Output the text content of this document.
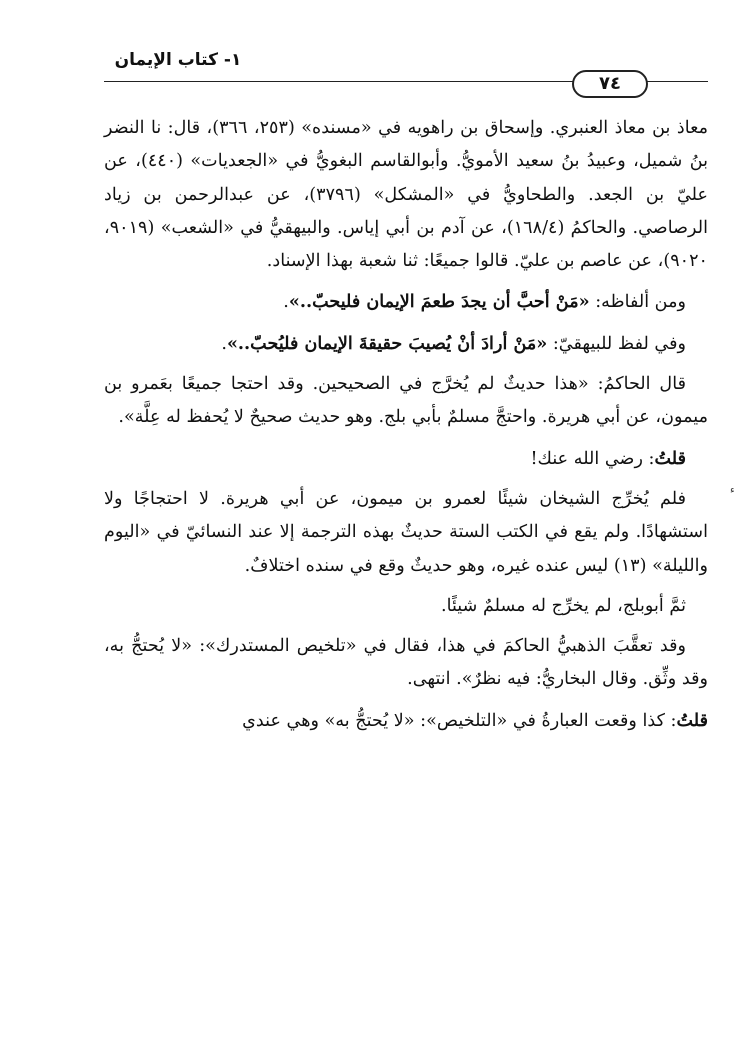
١- كتاب الإيمان
٧٤
ء

معاذ بن معاذ العنبري. وإسحاق بن راهويه في «مسنده» (٢٥٣، ٣٦٦)، قال: نا النضر بنُ شميل، وعبيدُ بنُ سعيد الأمويُّ. وأبوالقاسم البغويُّ في «الجعديات» (٤٤٠)، عن عليّ بن الجعد. والطحاويُّ في «المشكل» (٣٧٩٦)، عن عبدالرحمن بن زياد الرصاصي. والحاكمُ (١٦٨/٤)، عن آدم بن أبي إياس. والبيهقيُّ في «الشعب» (٩٠١٩، ٩٠٢٠)، عن عاصم بن عليّ. قالوا جميعًا: ثنا شعبة بهذا الإسناد.

ومن ألفاظه: «مَنْ أحبَّ أن يجدَ طعمَ الإيمان فليحبّ..».

وفي لفظ للبيهقيّ: «مَنْ أرادَ أنْ يُصيبَ حقيقةَ الإيمان فليُحبّ..».

قال الحاكمُ: «هذا حديثٌ لم يُخرَّج في الصحيحين. وقد احتجا جميعًا بعَمرو بن ميمون، عن أبي هريرة. واحتجَّ مسلمٌ بأبي بلج. وهو حديث صحيحٌ لا يُحفظ له عِلَّة».

قلتُ: رضي الله عنك!

فلم يُخرِّج الشيخان شيئًا لعمرو بن ميمون، عن أبي هريرة. لا احتجاجًا ولا استشهادًا. ولم يقع في الكتب الستة حديثٌ بهذه الترجمة إلا عند النسائيّ في «اليوم والليلة» (١٣) ليس عنده غيره، وهو حديثٌ وقع في سنده اختلافٌ.

ثمَّ أبوبلج، لم يخرِّج له مسلمٌ شيئًا.

وقد تعقَّبَ الذهبيُّ الحاكمَ في هذا، فقال في «تلخيص المستدرك»: «لا يُحتجُّ به، وقد وثِّق. وقال البخاريُّ: فيه نظرٌ». انتهى.

قلتُ: كذا وقعت العبارةُ في «التلخيص»: «لا يُحتجُّ به» وهي عندي
